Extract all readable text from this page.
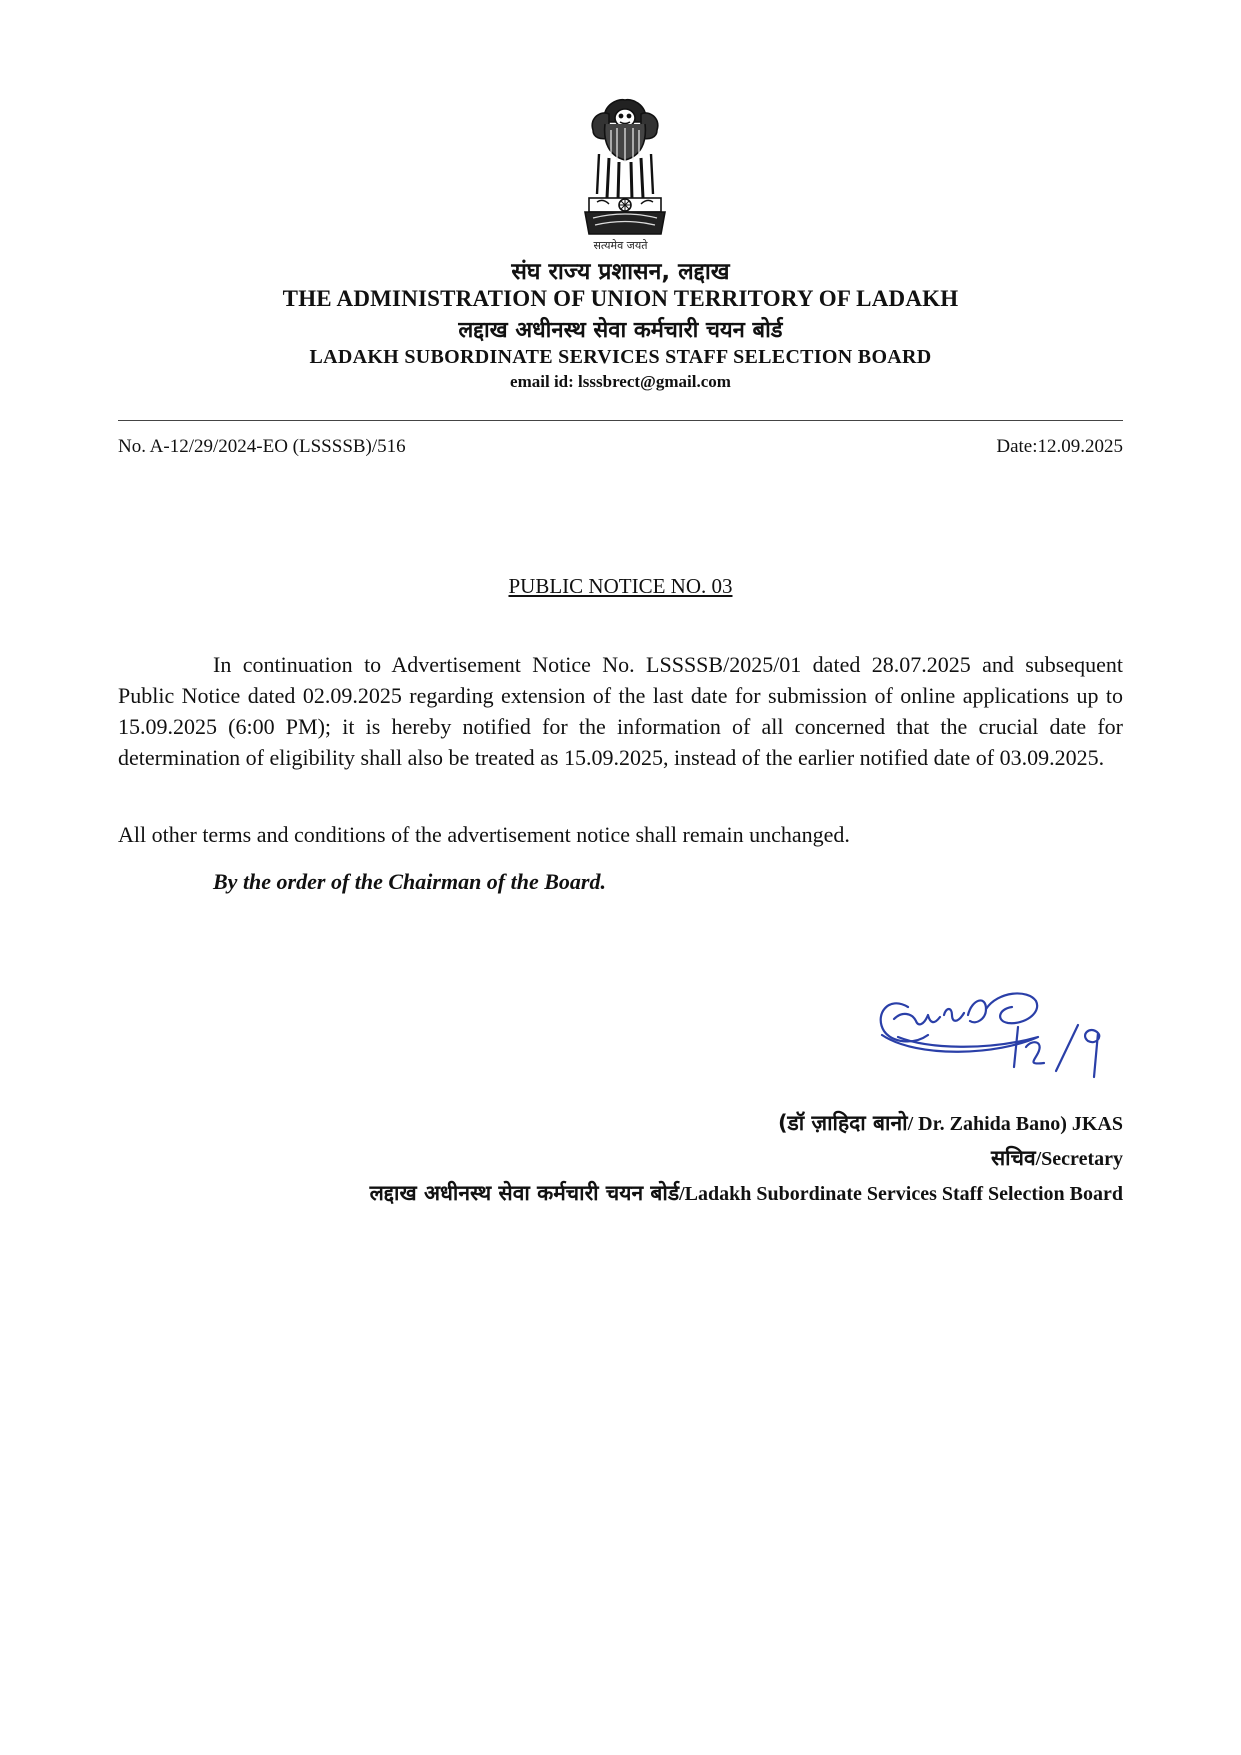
सत्यमेव जयते
संघ राज्य प्रशासन, लद्दाख
THE ADMINISTRATION OF UNION TERRITORY OF LADAKH
लद्दाख अधीनस्थ सेवा कर्मचारी चयन बोर्ड
LADAKH SUBORDINATE SERVICES STAFF SELECTION BOARD
email id: lsssbrect@gmail.com
No. A-12/29/2024-EO (LSSSSB)/516	Date:12.09.2025
PUBLIC NOTICE NO. 03

In continuation to Advertisement Notice No. LSSSSB/2025/01 dated 28.07.2025 and subsequent Public Notice dated 02.09.2025 regarding extension of the last date for submission of online applications up to 15.09.2025 (6:00 PM); it is hereby notified for the information of all concerned that the crucial date for determination of eligibility shall also be treated as 15.09.2025, instead of the earlier notified date of 03.09.2025.

All other terms and conditions of the advertisement notice shall remain unchanged.

By the order of the Chairman of the Board.
(डॉ ज़ाहिदा बानो/ Dr. Zahida Bano) JKAS
सचिव/Secretary
लद्दाख अधीनस्थ सेवा कर्मचारी चयन बोर्ड/Ladakh Subordinate Services Staff Selection Board
